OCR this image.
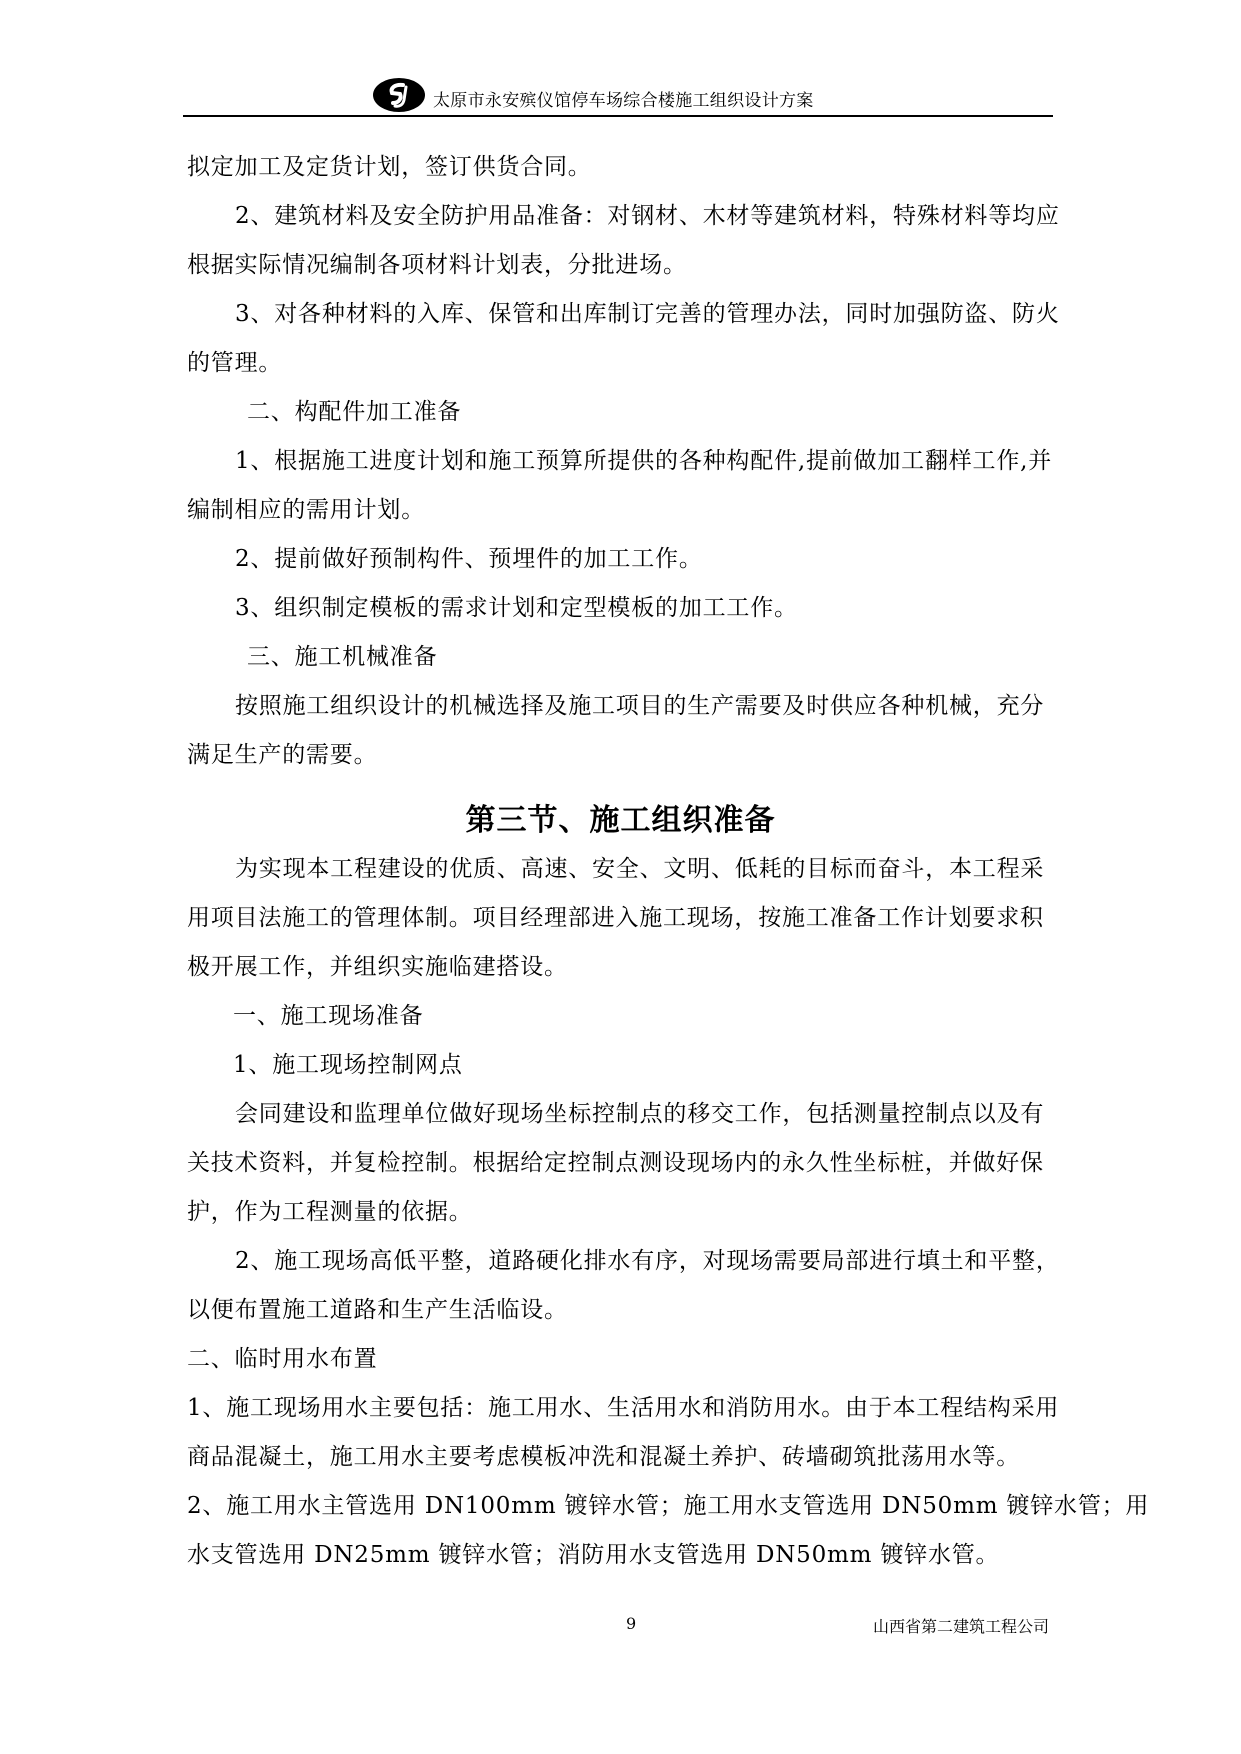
太原市永安殡仪馆停车场综合楼施工组织设计方案

拟定加工及定货计划，签订供货合同。

2、建筑材料及安全防护用品准备：对钢材、木材等建筑材料，特殊材料等均应

根据实际情况编制各项材料计划表，分批进场。

3、对各种材料的入库、保管和出库制订完善的管理办法，同时加强防盗、防火

的管理。

二、构配件加工准备

1、根据施工进度计划和施工预算所提供的各种构配件,提前做加工翻样工作,并

编制相应的需用计划。

2、提前做好预制构件、预埋件的加工工作。

3、组织制定模板的需求计划和定型模板的加工工作。

三、施工机械准备

按照施工组织设计的机械选择及施工项目的生产需要及时供应各种机械，充分

满足生产的需要。

第三节、施工组织准备

为实现本工程建设的优质、高速、安全、文明、低耗的目标而奋斗，本工程采

用项目法施工的管理体制。项目经理部进入施工现场，按施工准备工作计划要求积

极开展工作，并组织实施临建搭设。

一、施工现场准备

1、施工现场控制网点

会同建设和监理单位做好现场坐标控制点的移交工作，包括测量控制点以及有

关技术资料，并复检控制。根据给定控制点测设现场内的永久性坐标桩，并做好保

护，作为工程测量的依据。

2、施工现场高低平整，道路硬化排水有序，对现场需要局部进行填土和平整，

以便布置施工道路和生产生活临设。

二、临时用水布置

1、施工现场用水主要包括：施工用水、生活用水和消防用水。由于本工程结构采用

商品混凝土，施工用水主要考虑模板冲洗和混凝土养护、砖墙砌筑批荡用水等。

2、施工用水主管选用 DN100mm 镀锌水管；施工用水支管选用 DN50mm 镀锌水管；用

水支管选用 DN25mm 镀锌水管；消防用水支管选用 DN50mm 镀锌水管。

9	山西省第二建筑工程公司
